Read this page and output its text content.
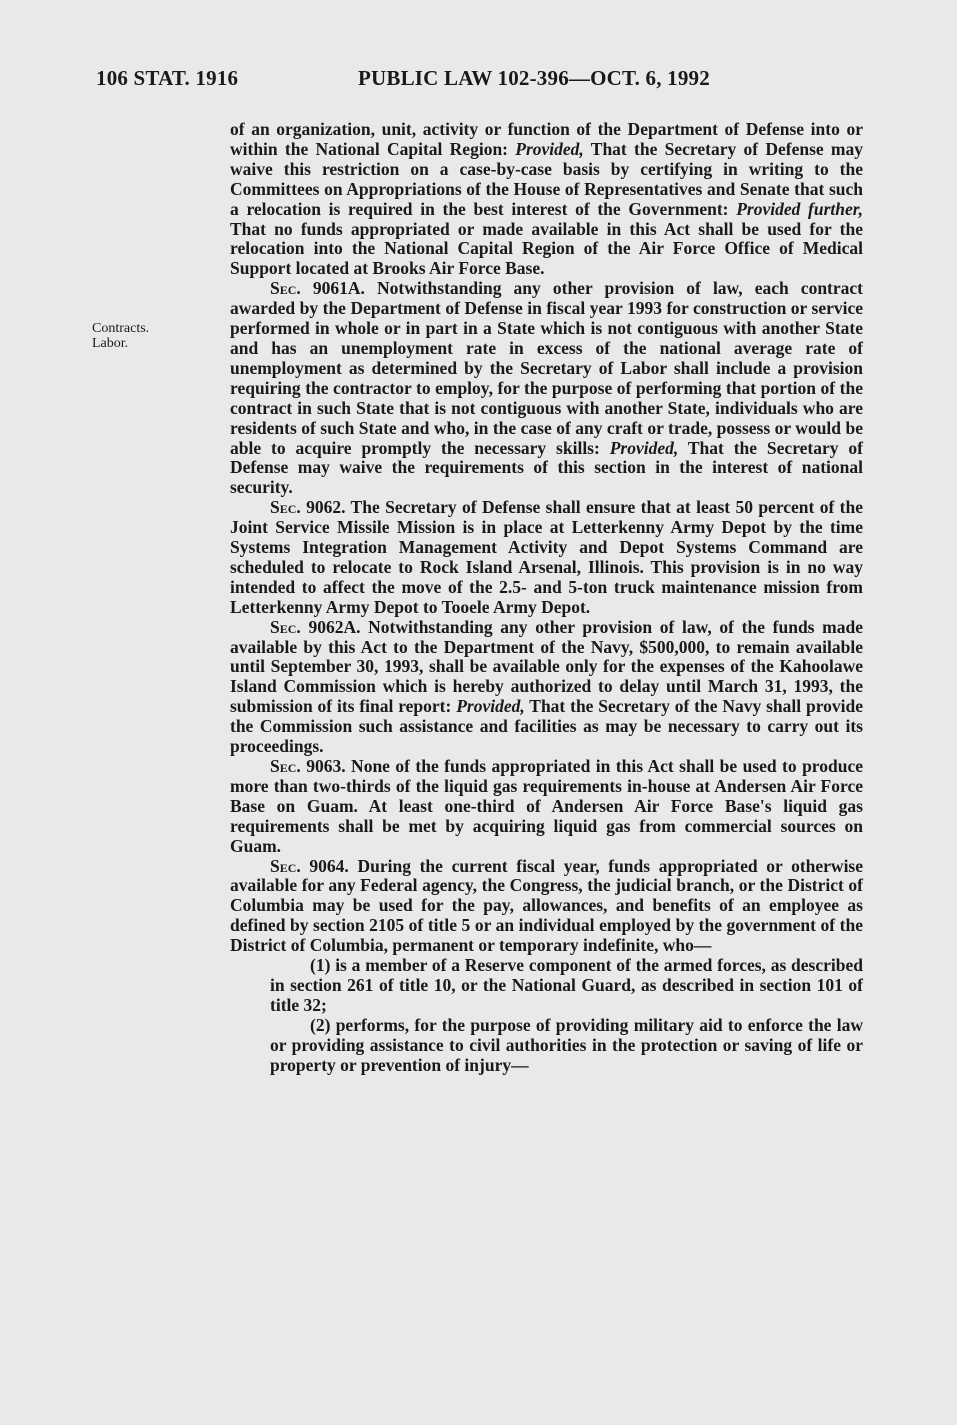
106 STAT. 1916	PUBLIC LAW 102-396—OCT. 6, 1992
Contracts.
Labor.

of an organization, unit, activity or function of the Department of Defense into or within the National Capital Region: Provided, That the Secretary of Defense may waive this restriction on a case-by-case basis by certifying in writing to the Committees on Appropriations of the House of Representatives and Senate that such a relocation is required in the best interest of the Government: Provided further, That no funds appropriated or made available in this Act shall be used for the relocation into the National Capital Region of the Air Force Office of Medical Support located at Brooks Air Force Base.

Sec. 9061A. Notwithstanding any other provision of law, each contract awarded by the Department of Defense in fiscal year 1993 for construction or service performed in whole or in part in a State which is not contiguous with another State and has an unemployment rate in excess of the national average rate of unemployment as determined by the Secretary of Labor shall include a provision requiring the contractor to employ, for the purpose of performing that portion of the contract in such State that is not contiguous with another State, individuals who are residents of such State and who, in the case of any craft or trade, possess or would be able to acquire promptly the necessary skills: Provided, That the Secretary of Defense may waive the requirements of this section in the interest of national security.

Sec. 9062. The Secretary of Defense shall ensure that at least 50 percent of the Joint Service Missile Mission is in place at Letterkenny Army Depot by the time Systems Integration Management Activity and Depot Systems Command are scheduled to relocate to Rock Island Arsenal, Illinois. This provision is in no way intended to affect the move of the 2.5- and 5-ton truck maintenance mission from Letterkenny Army Depot to Tooele Army Depot.

Sec. 9062A. Notwithstanding any other provision of law, of the funds made available by this Act to the Department of the Navy, $500,000, to remain available until September 30, 1993, shall be available only for the expenses of the Kahoolawe Island Commission which is hereby authorized to delay until March 31, 1993, the submission of its final report: Provided, That the Secretary of the Navy shall provide the Commission such assistance and facilities as may be necessary to carry out its proceedings.

Sec. 9063. None of the funds appropriated in this Act shall be used to produce more than two-thirds of the liquid gas requirements in-house at Andersen Air Force Base on Guam. At least one-third of Andersen Air Force Base's liquid gas requirements shall be met by acquiring liquid gas from commercial sources on Guam.

Sec. 9064. During the current fiscal year, funds appropriated or otherwise available for any Federal agency, the Congress, the judicial branch, or the District of Columbia may be used for the pay, allowances, and benefits of an employee as defined by section 2105 of title 5 or an individual employed by the government of the District of Columbia, permanent or temporary indefinite, who—

(1) is a member of a Reserve component of the armed forces, as described in section 261 of title 10, or the National Guard, as described in section 101 of title 32;

(2) performs, for the purpose of providing military aid to enforce the law or providing assistance to civil authorities in the protection or saving of life or property or prevention of injury—
